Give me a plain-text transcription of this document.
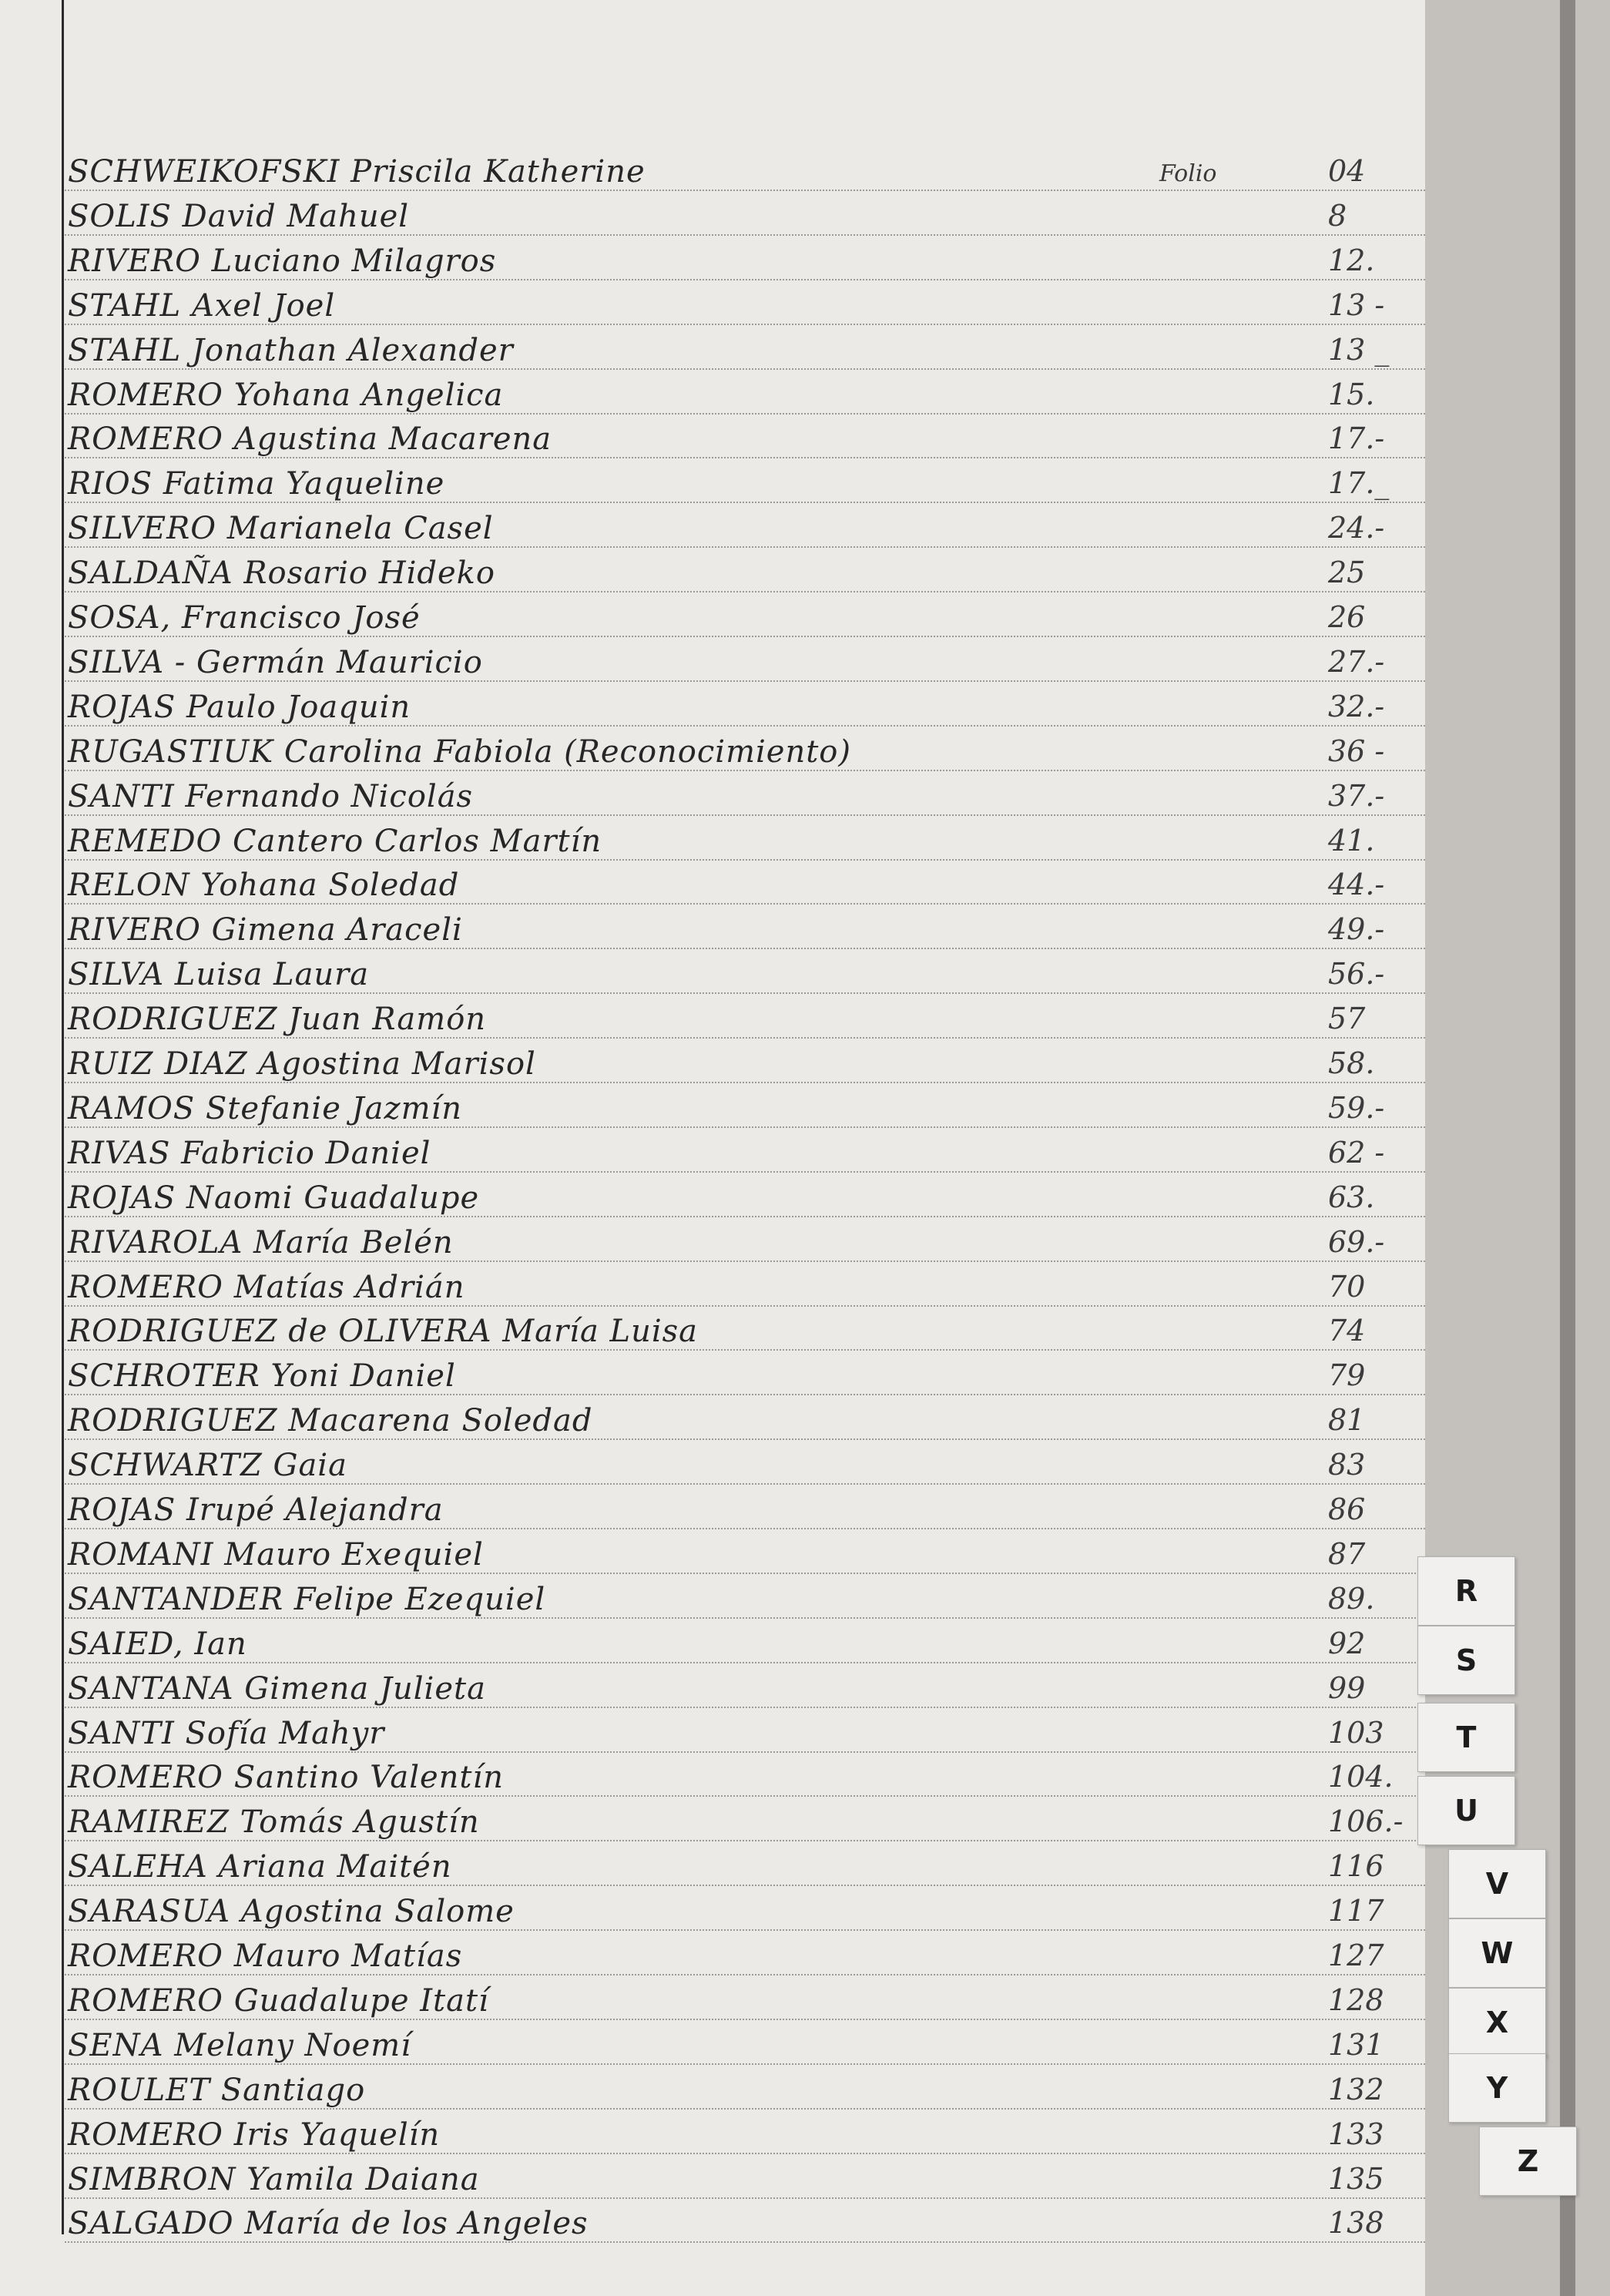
Folio
SCHWEIKOFSKI Priscila Katherine	04
SOLIS David Mahuel	8
RIVERO Luciano Milagros	12.
STAHL Axel Joel	13 -
STAHL Jonathan Alexander	13 _
ROMERO Yohana Angelica	15.
ROMERO Agustina Macarena	17.-
RIOS Fatima Yaqueline	17._
SILVERO Marianela Casel	24.-
SALDAÑA Rosario Hideko	25
SOSA, Francisco José	26
SILVA - Germán Mauricio	27.-
ROJAS Paulo Joaquin	32.-
RUGASTIUK Carolina Fabiola (Reconocimiento)	36 -
SANTI Fernando Nicolás	37.-
REMEDO Cantero Carlos Martín	41.
RELON Yohana Soledad	44.-
RIVERO Gimena Araceli	49.-
SILVA Luisa Laura	56.-
RODRIGUEZ Juan Ramón	57
RUIZ DIAZ Agostina Marisol	58.
RAMOS Stefanie Jazmín	59.-
RIVAS Fabricio Daniel	62 -
ROJAS Naomi Guadalupe	63.
RIVAROLA María Belén	69.-
ROMERO Matías Adrián	70
RODRIGUEZ de OLIVERA María Luisa	74
SCHROTER Yoni Daniel	79
RODRIGUEZ Macarena Soledad	81
SCHWARTZ Gaia	83
ROJAS Irupé Alejandra	86
ROMANI Mauro Exequiel	87
SANTANDER Felipe Ezequiel	89.
SAIED, Ian	92
SANTANA Gimena Julieta	99
SANTI Sofía Mahyr	103
ROMERO Santino Valentín	104.
RAMIREZ Tomás Agustín	106.-
SALEHA Ariana Maitén	116
SARASUA Agostina Salome	117
ROMERO Mauro Matías	127
ROMERO Guadalupe Itatí	128
SENA Melany Noemí	131
ROULET Santiago	132
ROMERO Iris Yaquelín	133
SIMBRON Yamila Daiana	135
SALGADO María de los Angeles	138
R
S
T
U
V
W
X
Y
Z
